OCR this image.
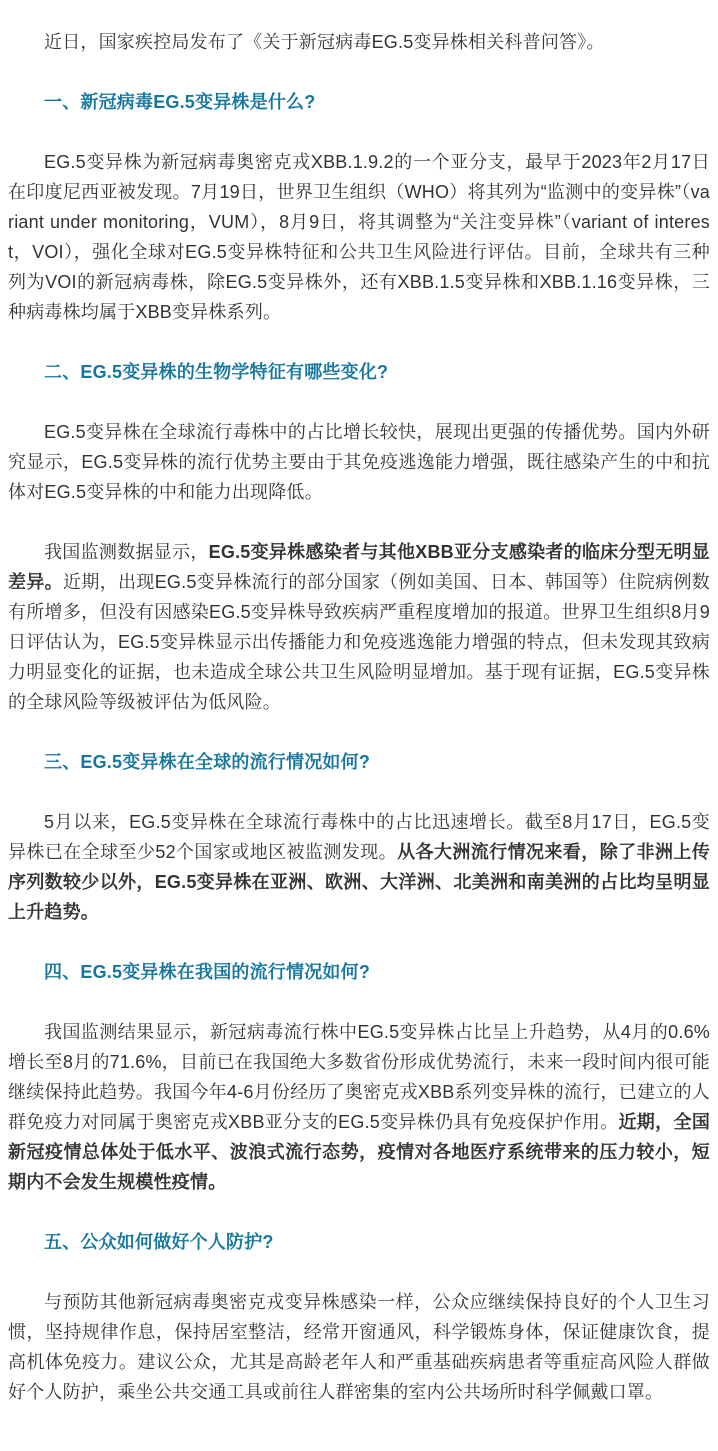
近日，国家疾控局发布了《关于新冠病毒EG.5变异株相关科普问答》。

一、新冠病毒EG.5变异株是什么?

EG.5变异株为新冠病毒奥密克戎XBB.1.9.2的一个亚分支，最早于2023年2月17日在印度尼西亚被发现。7月19日，世界卫生组织（WHO）将其列为“监测中的变异株”（variant under monitoring，VUM），8月9日，将其调整为“关注变异株”（variant of interest，VOI），强化全球对EG.5变异株特征和公共卫生风险进行评估。目前，全球共有三种列为VOI的新冠病毒株，除EG.5变异株外，还有XBB.1.5变异株和XBB.1.16变异株，三种病毒株均属于XBB变异株系列。

二、EG.5变异株的生物学特征有哪些变化?

EG.5变异株在全球流行毒株中的占比增长较快，展现出更强的传播优势。国内外研究显示，EG.5变异株的流行优势主要由于其免疫逃逸能力增强，既往感染产生的中和抗体对EG.5变异株的中和能力出现降低。

我国监测数据显示，EG.5变异株感染者与其他XBB亚分支感染者的临床分型无明显差异。近期，出现EG.5变异株流行的部分国家（例如美国、日本、韩国等）住院病例数有所增多，但没有因感染EG.5变异株导致疾病严重程度增加的报道。世界卫生组织8月9日评估认为，EG.5变异株显示出传播能力和免疫逃逸能力增强的特点，但未发现其致病力明显变化的证据，也未造成全球公共卫生风险明显增加。基于现有证据，EG.5变异株的全球风险等级被评估为低风险。

三、EG.5变异株在全球的流行情况如何?

5月以来，EG.5变异株在全球流行毒株中的占比迅速增长。截至8月17日，EG.5变异株已在全球至少52个国家或地区被监测发现。从各大洲流行情况来看，除了非洲上传序列数较少以外，EG.5变异株在亚洲、欧洲、大洋洲、北美洲和南美洲的占比均呈明显上升趋势。

四、EG.5变异株在我国的流行情况如何?

我国监测结果显示，新冠病毒流行株中EG.5变异株占比呈上升趋势，从4月的0.6%增长至8月的71.6%，目前已在我国绝大多数省份形成优势流行，未来一段时间内很可能继续保持此趋势。我国今年4-6月份经历了奥密克戎XBB系列变异株的流行，已建立的人群免疫力对同属于奥密克戎XBB亚分支的EG.5变异株仍具有免疫保护作用。近期，全国新冠疫情总体处于低水平、波浪式流行态势，疫情对各地医疗系统带来的压力较小，短期内不会发生规模性疫情。

五、公众如何做好个人防护?

与预防其他新冠病毒奥密克戎变异株感染一样，公众应继续保持良好的个人卫生习惯，坚持规律作息，保持居室整洁，经常开窗通风，科学锻炼身体，保证健康饮食，提高机体免疫力。建议公众，尤其是高龄老年人和严重基础疾病患者等重症高风险人群做好个人防护，乘坐公共交通工具或前往人群密集的室内公共场所时科学佩戴口罩。
